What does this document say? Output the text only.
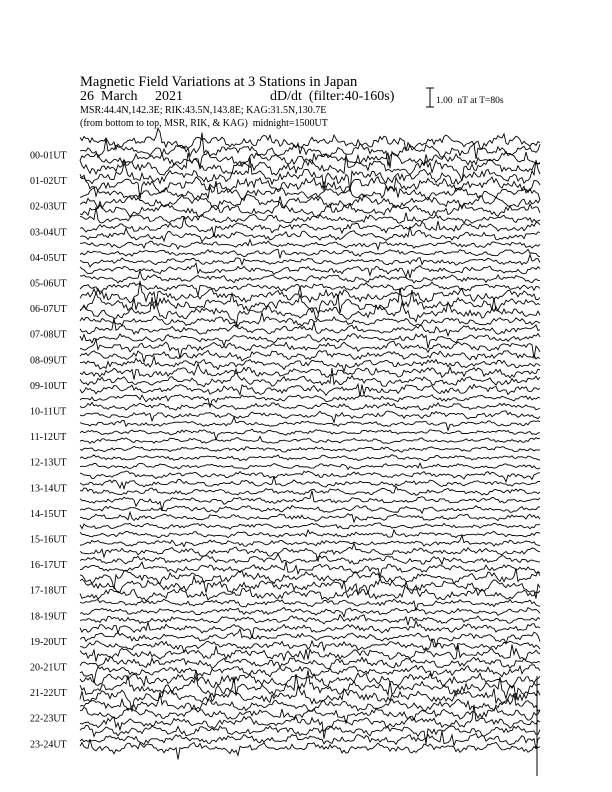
Magnetic Field Variations at 3 Stations in Japan
26  March     2021	dD/dt  (filter:40-160s)
MSR:44.4N,142.3E; RIK:43.5N,143.8E; KAG:31.5N,130.7E
(from bottom to top, MSR, RIK, & KAG)  midnight=1500UT
1.00  nT at T=80s
00-01UT
01-02UT
02-03UT
03-04UT
04-05UT
05-06UT
06-07UT
07-08UT
08-09UT
09-10UT
10-11UT
11-12UT
12-13UT
13-14UT
14-15UT
15-16UT
16-17UT
17-18UT
18-19UT
19-20UT
20-21UT
21-22UT
22-23UT
23-24UT
